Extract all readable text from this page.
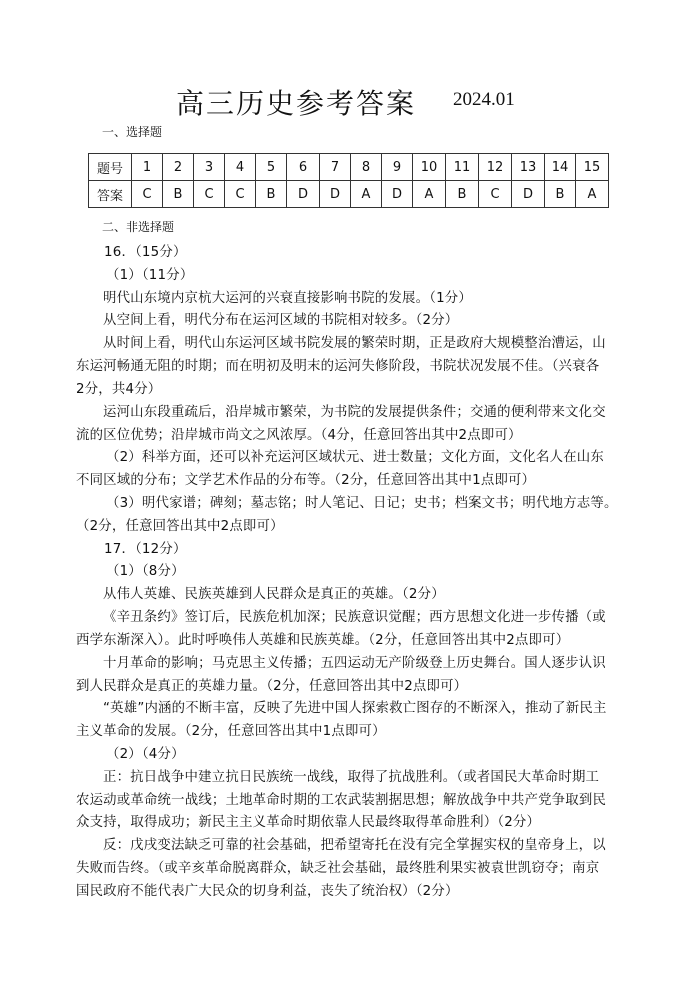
高三历史参考答案 2024.01
一、选择题
题号	1	2	3	4	5	6	7	8	9	10	11	12	13	14	15
答案	C	B	C	C	B	D	D	A	D	A	B	C	D	B	A
二、非选择题
16．（15分）
（1）（11分）
明代山东境内京杭大运河的兴衰直接影响书院的发展。（1分）
从空间上看，明代分布在运河区域的书院相对较多。（2分）
从时间上看，明代山东运河区域书院发展的繁荣时期，正是政府大规模整治漕运，山
东运河畅通无阻的时期；而在明初及明末的运河失修阶段，书院状况发展不佳。（兴衰各
2分，共4分）
运河山东段重疏后，沿岸城市繁荣，为书院的发展提供条件；交通的便利带来文化交
流的区位优势；沿岸城市尚文之风浓厚。（4分，任意回答出其中2点即可）
（2）科举方面，还可以补充运河区域状元、进士数量；文化方面，文化名人在山东
不同区域的分布；文学艺术作品的分布等。（2分，任意回答出其中1点即可）
（3）明代家谱；碑刻；墓志铭；时人笔记、日记；史书；档案文书；明代地方志等。
（2分，任意回答出其中2点即可）
17．（12分）
（1）（8分）
从伟人英雄、民族英雄到人民群众是真正的英雄。（2分）
《辛丑条约》签订后，民族危机加深；民族意识觉醒；西方思想文化进一步传播（或
西学东渐深入）。此时呼唤伟人英雄和民族英雄。（2分，任意回答出其中2点即可）
十月革命的影响；马克思主义传播；五四运动无产阶级登上历史舞台。国人逐步认识
到人民群众是真正的英雄力量。（2分，任意回答出其中2点即可）
“英雄”内涵的不断丰富，反映了先进中国人探索救亡图存的不断深入，推动了新民主
主义革命的发展。（2分，任意回答出其中1点即可）
（2）（4分）
正：抗日战争中建立抗日民族统一战线，取得了抗战胜利。（或者国民大革命时期工
农运动或革命统一战线；土地革命时期的工农武装割据思想；解放战争中共产党争取到民
众支持，取得成功；新民主主义革命时期依靠人民最终取得革命胜利）（2分）
反：戊戌变法缺乏可靠的社会基础，把希望寄托在没有完全掌握实权的皇帝身上，以
失败而告终。（或辛亥革命脱离群众，缺乏社会基础，最终胜利果实被袁世凯窃夺；南京
国民政府不能代表广大民众的切身利益，丧失了统治权）（2分）
